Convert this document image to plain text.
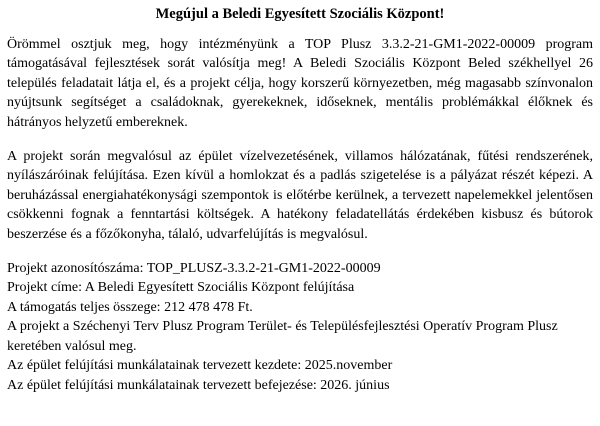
Megújul a Beledi Egyesített Szociális Központ!

Örömmel osztjuk meg, hogy intézményünk a TOP Plusz 3.3.2-21-GM1-2022-00009 program támogatásával fejlesztések sorát valósítja meg! A Beledi Szociális Központ Beled székhellyel 26 település feladatait látja el, és a projekt célja, hogy korszerű környezetben, még magasabb színvonalon nyújtsunk segítséget a családoknak, gyerekeknek, időseknek, mentális problémákkal élőknek és hátrányos helyzetű embereknek.

A projekt során megvalósul az épület vízelvezetésének, villamos hálózatának, fűtési rendszerének, nyílászáróinak felújítása. Ezen kívül a homlokzat és a padlás szigetelése is a pályázat részét képezi. A beruházással energiahatékonysági szempontok is előtérbe kerülnek, a tervezett napelemekkel jelentősen csökkenni fognak a fenntartási költségek. A hatékony feladatellátás érdekében kisbusz és bútorok beszerzése és a főzőkonyha, tálaló, udvarfelújítás is megvalósul.

Projekt azonosítószáma: TOP_PLUSZ-3.3.2-21-GM1-2022-00009
Projekt címe: A Beledi Egyesített Szociális Központ felújítása
A támogatás teljes összege: 212 478 478 Ft.
A projekt a Széchenyi Terv Plusz Program Terület- és Településfejlesztési Operatív Program Plusz keretében valósul meg.
Az épület felújítási munkálatainak tervezett kezdete: 2025.november
Az épület felújítási munkálatainak tervezett befejezése: 2026. június
